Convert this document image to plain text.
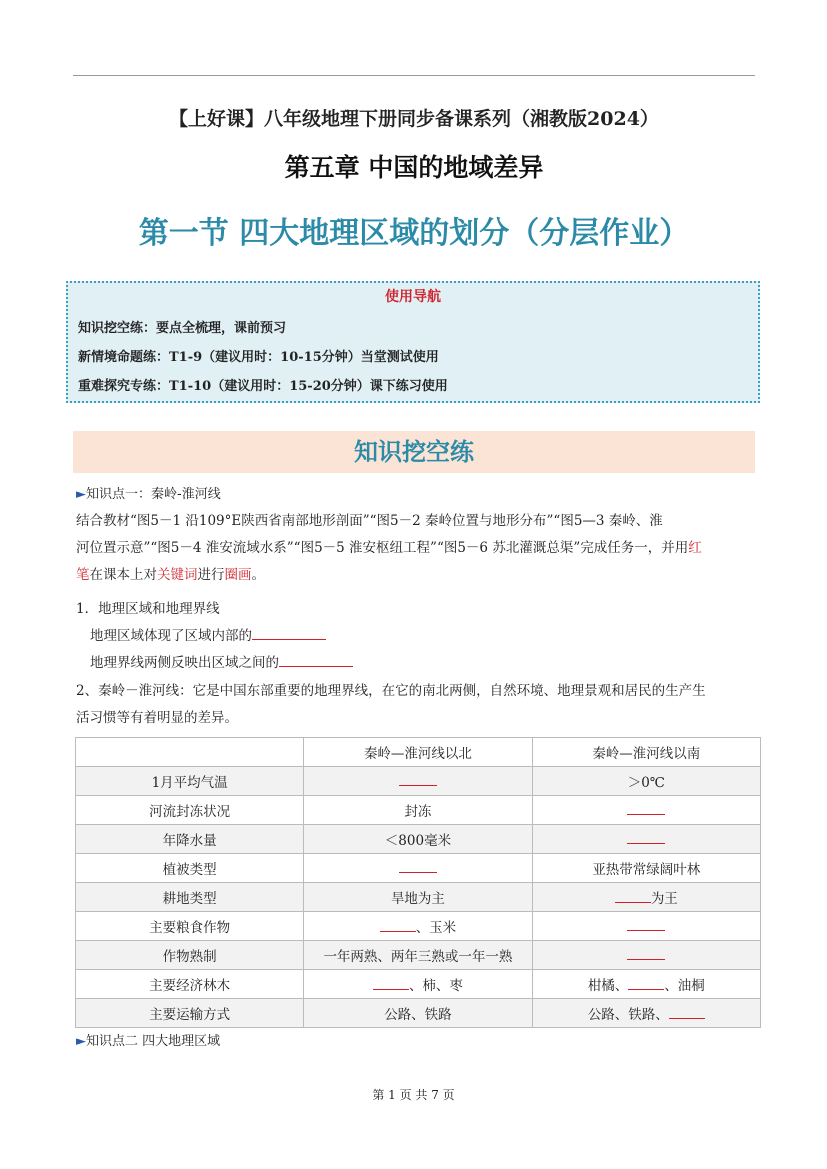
【上好课】八年级地理下册同步备课系列（湘教版2024）
第五章 中国的地域差异
第一节 四大地理区域的划分（分层作业）
使用导航
知识挖空练：要点全梳理，课前预习
新情境命题练：T1-9（建议用时：10-15分钟）当堂测试使用
重难探究专练：T1-10（建议用时：15-20分钟）课下练习使用
知识挖空练
►知识点一：秦岭-淮河线
结合教材“图5－1 沿109°E陕西省南部地形剖面”“图5－2 秦岭位置与地形分布”“图5—3 秦岭、淮
河位置示意”“图5－4 淮安流域水系”“图5－5 淮安枢纽工程”“图5－6 苏北灌溉总渠”完成任务一，并用红
笔在课本上对关键词进行圈画。
1．地理区域和地理界线
地理区域体现了区域内部的
地理界线两侧反映出区域之间的
2、秦岭－淮河线：它是中国东部重要的地理界线，在它的南北两侧，自然环境、地理景观和居民的生产生
活习惯等有着明显的差异。
	秦岭—淮河线以北	秦岭—淮河线以南
1月平均气温		＞0℃
河流封冻状况	封冻	
年降水量	＜800毫米	
植被类型		亚热带常绿阔叶林
耕地类型	旱地为主	为王
主要粮食作物	、玉米	
作物熟制	一年两熟、两年三熟或一年一熟	
主要经济林木	、柿、枣	柑橘、 、油桐
主要运输方式	公路、铁路	公路、铁路、
►知识点二 四大地理区域
第 1 页 共 7 页
